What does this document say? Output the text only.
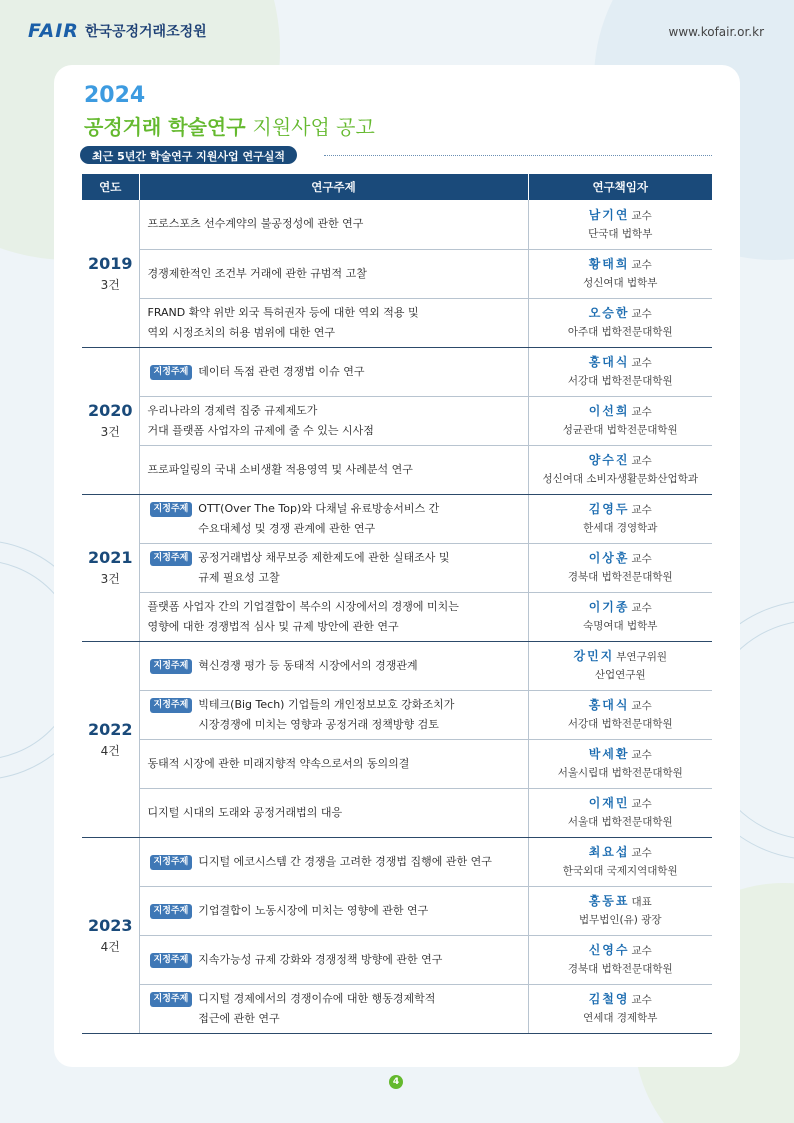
FAIR 한국공정거래조정원	www.kofair.or.kr
2024
공정거래 학술연구 지원사업 공고
최근 5년간 학술연구 지원사업 연구실적
연도	연구주제	연구책임자

2019
3건	프로스포츠 선수계약의 불공정성에 관한 연구	남기연 교수
단국대 법학부

	경쟁제한적인 조건부 거래에 관한 규범적 고찰	황태희 교수
성신여대 법학부

	FRAND 확약 위반 외국 특허권자 등에 대한 역외 적용 및
역외 시정조치의 허용 범위에 대한 연구	오승한 교수
아주대 법학전문대학원

2020
3건	지정주제 데이터 독점 관련 경쟁법 이슈 연구	홍대식 교수
서강대 법학전문대학원

	우리나라의 경제력 집중 규제제도가
거대 플랫폼 사업자의 규제에 줄 수 있는 시사점	이선희 교수
성균관대 법학전문대학원

	프로파일링의 국내 소비생활 적용영역 및 사례분석 연구	양수진 교수
성신여대 소비자생활문화산업학과

2021
3건	지정주제 OTT(Over The Top)와 다채널 유료방송서비스 간
수요대체성 및 경쟁 관계에 관한 연구	김영두 교수
한세대 경영학과

	지정주제 공정거래법상 채무보증 제한제도에 관한 실태조사 및
규제 필요성 고찰	이상훈 교수
경북대 법학전문대학원

	플랫폼 사업자 간의 기업결합이 복수의 시장에서의 경쟁에 미치는
영향에 대한 경쟁법적 심사 및 규제 방안에 관한 연구	이기종 교수
숙명여대 법학부

2022
4건	지정주제 혁신경쟁 평가 등 동태적 시장에서의 경쟁관계	강민지 부연구위원
산업연구원

	지정주제 빅테크(Big Tech) 기업들의 개인정보보호 강화조치가
시장경쟁에 미치는 영향과 공정거래 정책방향 검토	홍대식 교수
서강대 법학전문대학원

	동태적 시장에 관한 미래지향적 약속으로서의 동의의결	박세환 교수
서울시립대 법학전문대학원

	디지털 시대의 도래와 공정거래법의 대응	이재민 교수
서울대 법학전문대학원

2023
4건	지정주제 디지털 에코시스템 간 경쟁을 고려한 경쟁법 집행에 관한 연구	최요섭 교수
한국외대 국제지역대학원

	지정주제 기업결합이 노동시장에 미치는 영향에 관한 연구	홍동표 대표
법무법인(유) 광장

	지정주제 지속가능성 규제 강화와 경쟁정책 방향에 관한 연구	신영수 교수
경북대 법학전문대학원

	지정주제 디지털 경제에서의 경쟁이슈에 대한 행동경제학적
접근에 관한 연구	김철영 교수
연세대 경제학부
4
